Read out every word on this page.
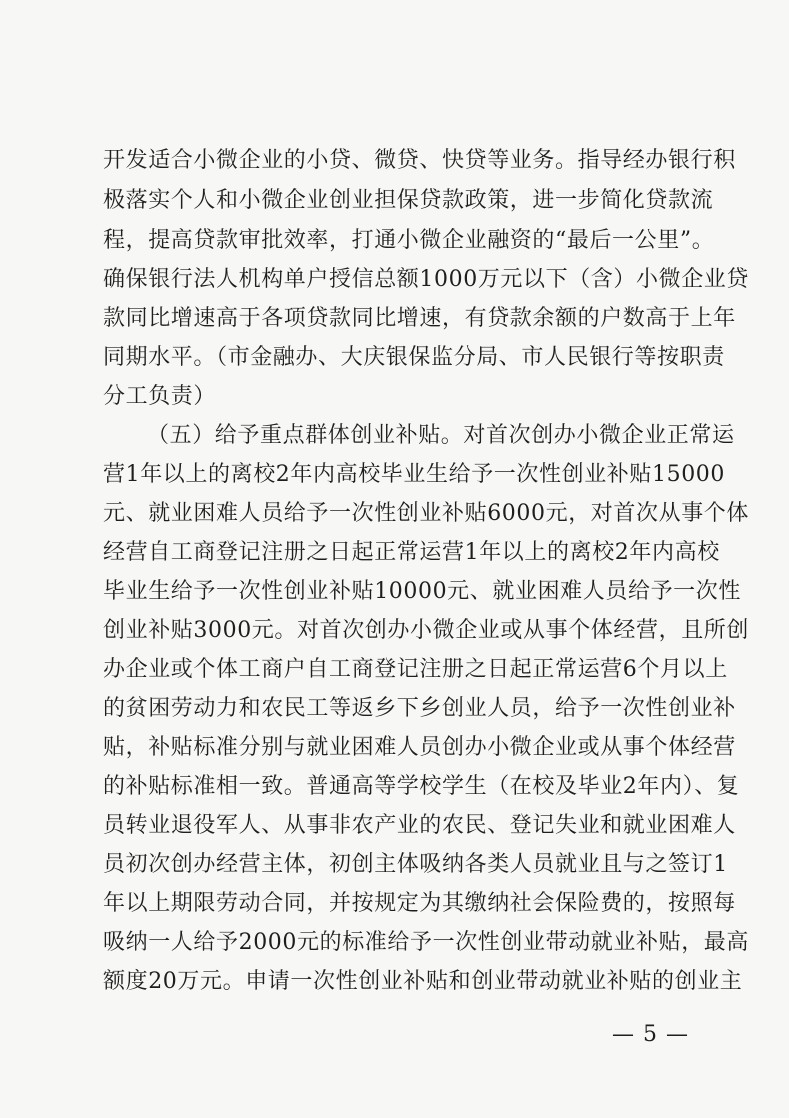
开发适合小微企业的小贷、微贷、快贷等业务。指导经办银行积
极落实个人和小微企业创业担保贷款政策，进一步简化贷款流
程，提高贷款审批效率，打通小微企业融资的“最后一公里”。
确保银行法人机构单户授信总额1000万元以下（含）小微企业贷
款同比增速高于各项贷款同比增速，有贷款余额的户数高于上年
同期水平。（市金融办、大庆银保监分局、市人民银行等按职责
分工负责）
（五）给予重点群体创业补贴。对首次创办小微企业正常运
营1年以上的离校2年内高校毕业生给予一次性创业补贴15000
元、就业困难人员给予一次性创业补贴6000元，对首次从事个体
经营自工商登记注册之日起正常运营1年以上的离校2年内高校
毕业生给予一次性创业补贴10000元、就业困难人员给予一次性
创业补贴3000元。对首次创办小微企业或从事个体经营，且所创
办企业或个体工商户自工商登记注册之日起正常运营6个月以上
的贫困劳动力和农民工等返乡下乡创业人员，给予一次性创业补
贴，补贴标准分别与就业困难人员创办小微企业或从事个体经营
的补贴标准相一致。普通高等学校学生（在校及毕业2年内）、复
员转业退役军人、从事非农产业的农民、登记失业和就业困难人
员初次创办经营主体，初创主体吸纳各类人员就业且与之签订1
年以上期限劳动合同，并按规定为其缴纳社会保险费的，按照每
吸纳一人给予2000元的标准给予一次性创业带动就业补贴，最高
额度20万元。申请一次性创业补贴和创业带动就业补贴的创业主
— 5 —
